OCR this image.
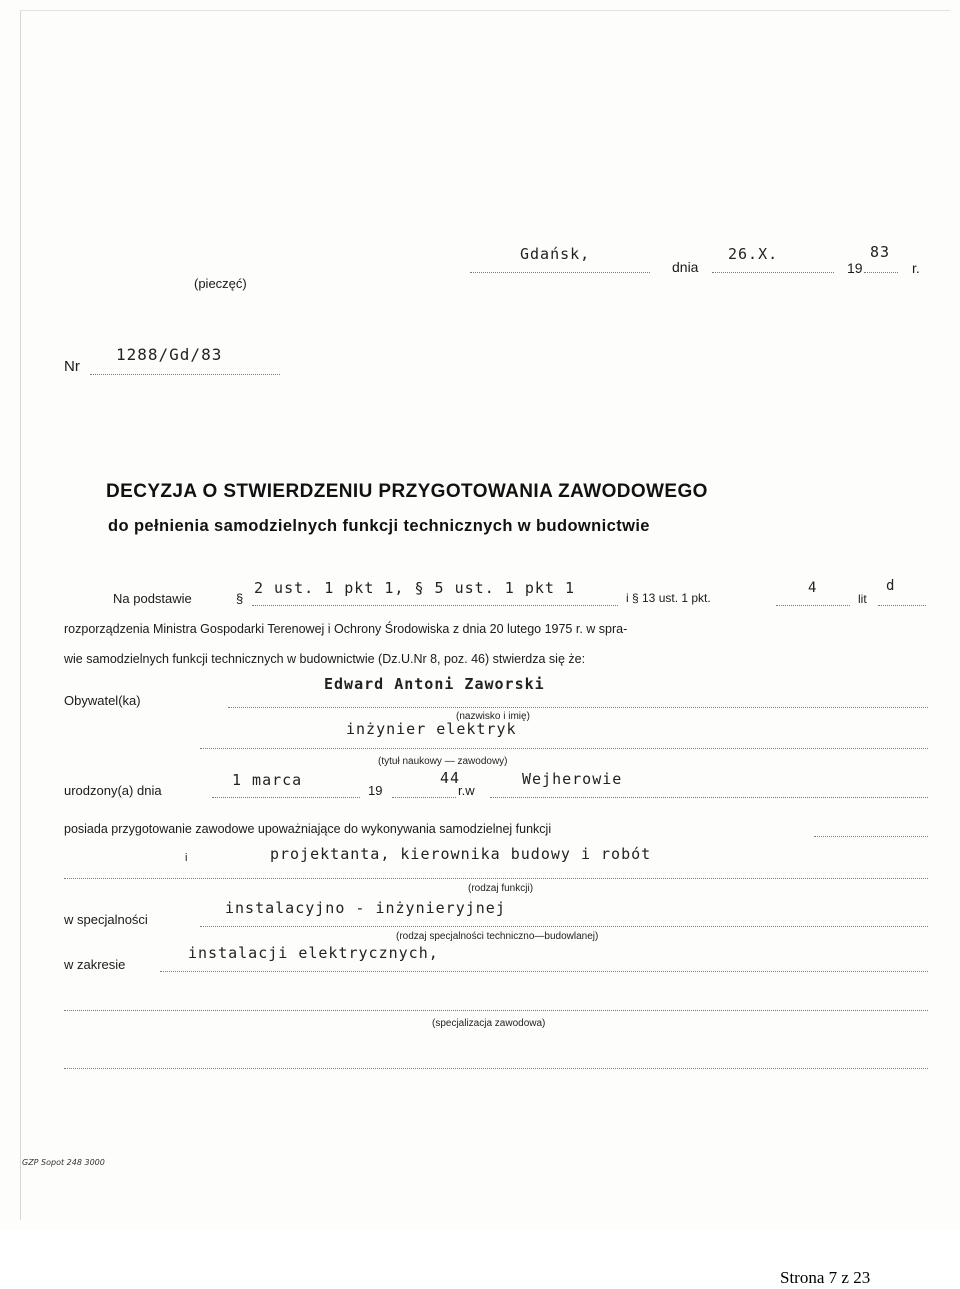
(pieczęć)
Gdańsk,
dnia
26.X.
19
83
r.
Nr
1288/Gd/83
DECYZJA O STWIERDZENIU PRZYGOTOWANIA ZAWODOWEGO
do pełnienia samodzielnych funkcji technicznych w budownictwie
Na podstawie	§
2 ust. 1 pkt 1, § 5 ust. 1 pkt 1
i § 13 ust. 1 pkt.
4
lit
d
rozporządzenia Ministra Gospodarki Terenowej i Ochrony Środowiska z dnia 20 lutego 1975 r. w spra-
wie samodzielnych funkcji technicznych w budownictwie (Dz.U.Nr 8, poz. 46) stwierdza się że:
Obywatel(ka)
Edward Antoni Zaworski
(nazwisko i imię)
inżynier elektryk
(tytuł naukowy — zawodowy)
urodzony(a) dnia
1 marca
19
44
r.w
Wejherowie
posiada przygotowanie zawodowe upoważniające do wykonywania samodzielnej funkcji
i	projektanta, kierownika budowy i robót
(rodzaj funkcji)
w specjalności
instalacyjno - inżynieryjnej
(rodzaj specjalności techniczno—budowlanej)
w zakresie
instalacji elektrycznych,
(specjalizacja zawodowa)
GZP Sopot 248 3000
Strona 7 z 23
